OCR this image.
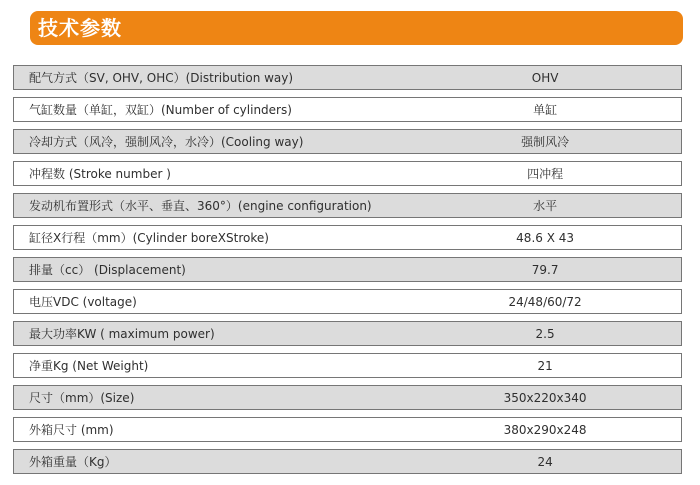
技术参数
配气方式（SV, OHV, OHC）(Distribution way)	OHV
气缸数量（单缸，双缸）(Number of cylinders)	单缸
冷却方式（风冷，强制风冷，水冷）(Cooling way)	强制风冷
冲程数 (Stroke number )	四冲程
发动机布置形式（水平、垂直、360°）(engine configuration)	水平
缸径X行程（mm）(Cylinder boreXStroke)	48.6 X 43
排量（cc） (Displacement)	79.7
电压VDC (voltage)	24/48/60/72
最大功率KW ( maximum power)	2.5
净重Kg (Net Weight)	21
尺寸（mm）(Size)	350x220x340
外箱尺寸 (mm)	380x290x248
外箱重量（Kg）	24
